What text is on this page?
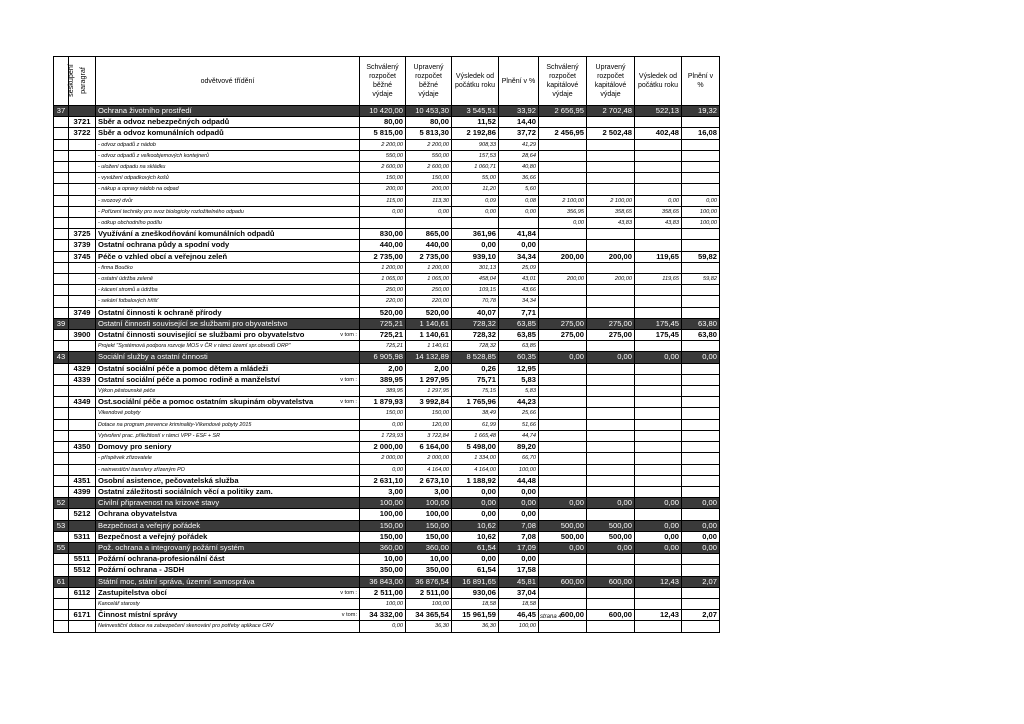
seskupení	paragraf	odvětvové třídění	Schválený rozpočet běžné výdaje	Upravený rozpočet běžné výdaje	Výsledek od počátku roku	Plnění v %	Schválený rozpočet kapitálové výdaje	Upravený rozpočet kapitálové výdaje	Výsledek od počátku roku	Plnění v %
37		Ochrana životního prostředí	10 420,00	10 453,30	3 545,51	33,92	2 656,95	2 702,48	522,13	19,32
	3721	Sběr a odvoz nebezpečných odpadů	80,00	80,00	11,52	14,40				
	3722	Sběr a odvoz komunálních odpadů	5 815,00	5 813,30	2 192,86	37,72	2 456,95	2 502,48	402,48	16,08
		- odvoz odpadů z nádob	2 200,00	2 200,00	908,33	41,29				
		- odvoz odpadů z velkoobjemových kontejnerů	550,00	550,00	157,53	28,64				
		- uložení odpadu na skládku	2 600,00	2 600,00	1 060,71	40,80				
		- vyvážení odpadkových košů	150,00	150,00	55,00	36,66				
		- nákup a opravy nádob na odpad	200,00	200,00	11,20	5,60				
		- svozový dvůr	115,00	113,30	0,09	0,08	2 100,00	2 100,00	0,00	0,00
		- Pořízení techniky pro svoz biologicky rozložitelného odpadu	0,00	0,00	0,00	0,00	356,95	358,65	358,65	100,00
		- odkup obchodního podílu					0,00	43,83	43,83	100,00
	3725	Využívání a zneškodňování komunálních odpadů	830,00	865,00	361,96	41,84				
	3739	Ostatní ochrana půdy a spodní vody	440,00	440,00	0,00	0,00				
	3745	Péče o vzhled obcí a veřejnou zeleň	2 735,00	2 735,00	939,10	34,34	200,00	200,00	119,65	59,82
		- firma Boučko	1 200,00	1 200,00	301,13	25,09				
		- ostatní údržba zeleně	1 065,00	1 065,00	458,04	43,01	200,00	200,00	119,65	59,82
		- kácení stromů a údržba	250,00	250,00	109,15	43,66				
		- sekání fotbalových hřišť	220,00	220,00	70,78	34,34				
	3749	Ostatní činnosti k ochraně přírody	520,00	520,00	40,07	7,71				
39		Ostatní činnosti související se službami pro obyvatelstvo	725,21	1 140,61	728,32	63,85	275,00	275,00	175,45	63,80
	3900	Ostatní činnosti související se službami pro obyvatelstvo v tom :	725,21	1 140,61	728,32	63,85	275,00	275,00	175,45	63,80
		Projekt "Systémová podpora rozvoje MOS v ČR v rámci území spr.obvodů ORP"	725,21	1 140,61	728,32	63,85				
43		Sociální služby a ostatní činnosti	6 905,98	14 132,89	8 528,85	60,35	0,00	0,00	0,00	0,00
	4329	Ostatní sociální péče a pomoc dětem a mládeži	2,00	2,00	0,26	12,95				
	4339	Ostatní sociální péče a pomoc rodině a manželství v tom :	389,95	1 297,95	75,71	5,83				
		Výkon pěstounské péče	389,95	1 297,95	75,15	5,83				
	4349	Ost.sociální péče a pomoc ostatním skupinám obyvatelstva v tom :	1 879,93	3 992,84	1 765,96	44,23				
		Vikendové pobyty	150,00	150,00	38,49	25,66				
		Dotace na program prevence kriminality-Víkendové pobyty 2015	0,00	120,00	61,99	51,66				
		Vytvoření prac. příležitostí v rámci VPP - ESF + SR	1 729,93	3 722,84	1 665,48	44,74				
	4350	Domovy pro seniory	2 000,00	6 164,00	5 498,00	89,20				
		- příspěvek zřizovatele	2 000,00	2 000,00	1 334,00	66,70				
		- neinvestiční transfery zřízeným PO	0,00	4 164,00	4 164,00	100,00				
	4351	Osobní asistence, pečovatelská služba	2 631,10	2 673,10	1 188,92	44,48				
	4399	Ostatní záležitosti sociálních věcí a politiky zam.	3,00	3,00	0,00	0,00				
52		Civilní připravenost na krizové stavy	100,00	100,00	0,00	0,00	0,00	0,00	0,00	0,00
	5212	Ochrana obyvatelstva	100,00	100,00	0,00	0,00				
53		Bezpečnost a veřejný pořádek	150,00	150,00	10,62	7,08	500,00	500,00	0,00	0,00
	5311	Bezpečnost a veřejný pořádek	150,00	150,00	10,62	7,08	500,00	500,00	0,00	0,00
55		Pož. ochrana a integrovaný požární systém	360,00	360,00	61,54	17,09	0,00	0,00	0,00	0,00
	5511	Požární ochrana-profesionální část	10,00	10,00	0,00	0,00				
	5512	Požární ochrana - JSDH	350,00	350,00	61,54	17,58				
61		Státní moc, státní správa, územní samospráva	36 843,00	36 876,54	16 891,65	45,81	600,00	600,00	12,43	2,07
	6112	Zastupitelstva obcí v tom :	2 511,00	2 511,00	930,06	37,04				
		Kancelář starosty	100,00	100,00	18,58	18,58				
	6171	Činnost místní správy v tom:	34 332,00	34 365,54	15 961,59	46,45	600,00	600,00	12,43	2,07
		Neinvestiční dotace na zabezpečení skenování pro potřeby aplikace CRV	0,00	36,30	36,30	100,00				
strana 4
